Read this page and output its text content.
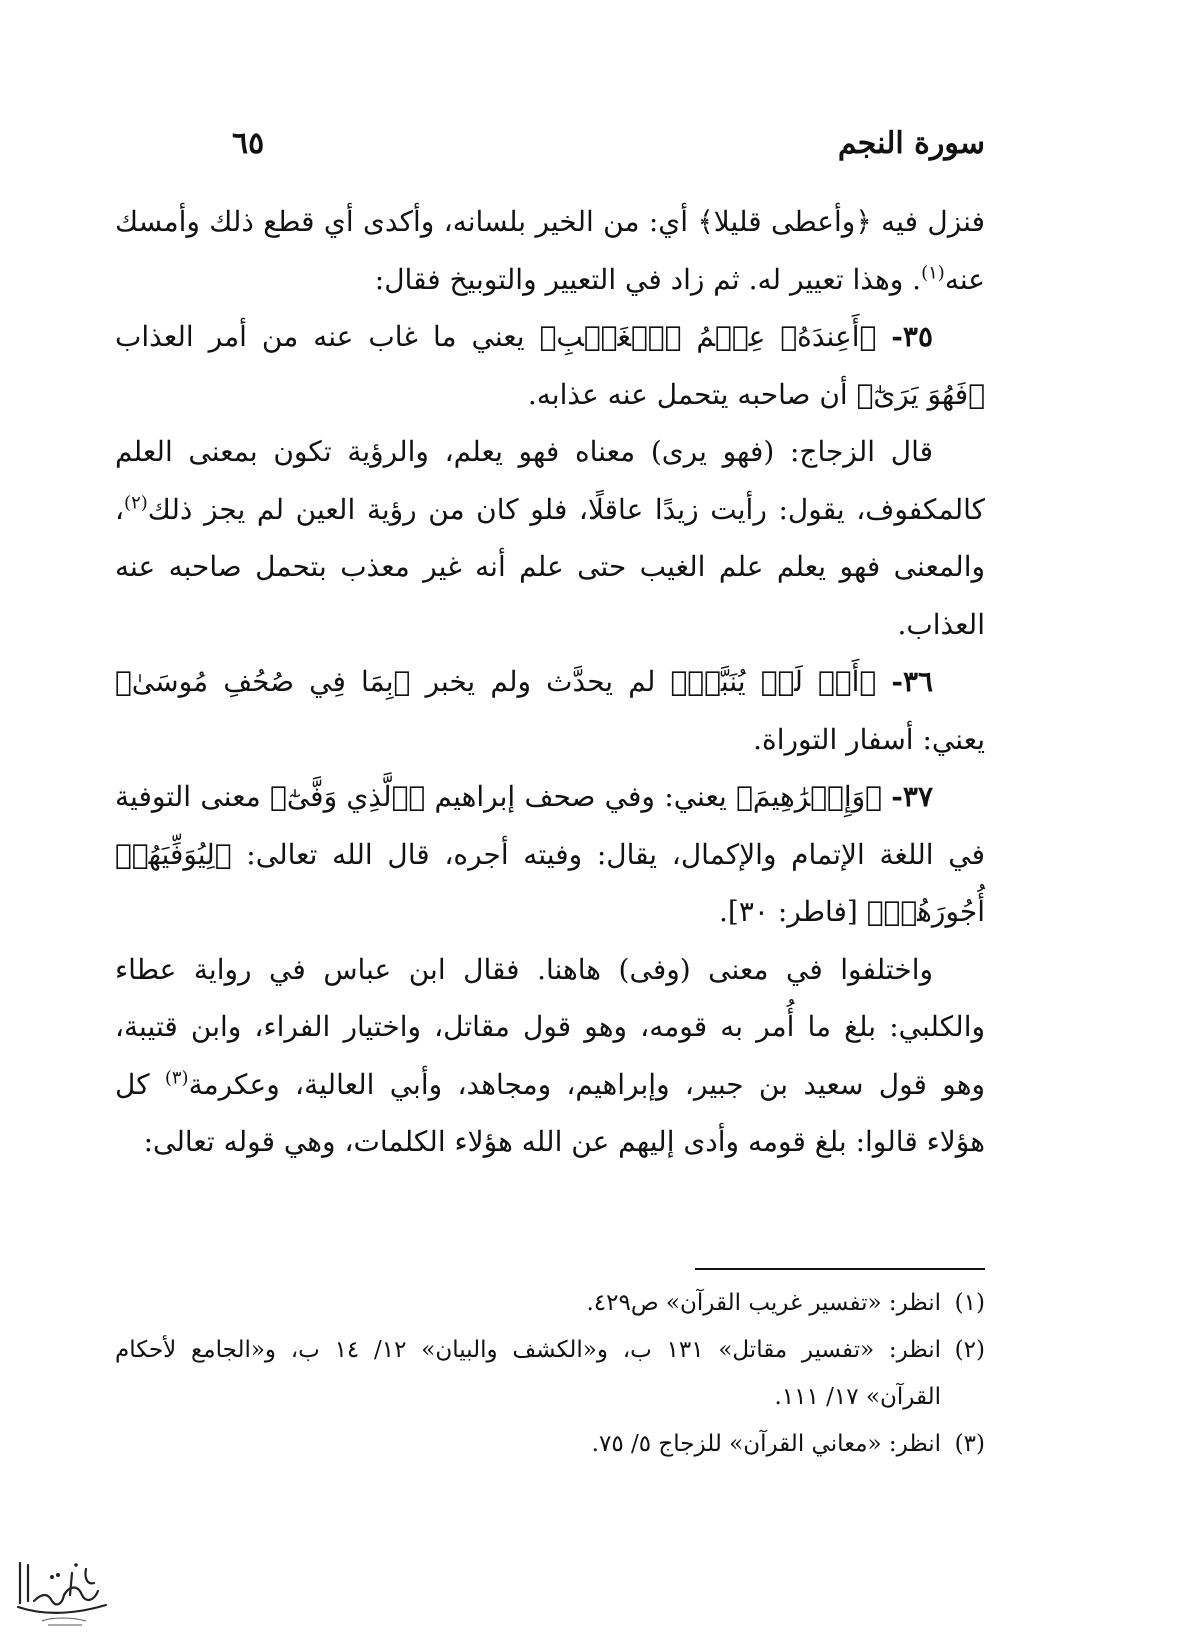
سورة النجم
٦٥

فنزل فيه ﴿وأعطى قليلا﴾ أي: من الخير بلسانه، وأكدى أي قطع ذلك وأمسك عنه$^{(١)}$. وهذا تعيير له. ثم زاد في التعيير والتوبيخ فقال:

٣٥- ﴿أَعِندَهُۥ عِلۡمُ ٱلۡغَيۡبِ﴾ يعني ما غاب عنه من أمر العذاب ﴿فَهُوَ يَرَىٰٓ﴾ أن صاحبه يتحمل عنه عذابه.

قال الزجاج: (فهو يرى) معناه فهو يعلم، والرؤية تكون بمعنى العلم كالمكفوف، يقول: رأيت زيدًا عاقلًا، فلو كان من رؤية العين لم يجز ذلك$^{(٢)}$، والمعنى فهو يعلم علم الغيب حتى علم أنه غير معذب بتحمل صاحبه عنه العذاب.

٣٦- ﴿أَمۡ لَمۡ يُنَبَّأۡ﴾ لم يحدَّث ولم يخبر ﴿بِمَا فِي صُحُفِ مُوسَىٰ﴾ يعني: أسفار التوراة.

٣٧- ﴿وَإِبۡرَٰهِيمَ﴾ يعني: وفي صحف إبراهيم ﴿ٱلَّذِي وَفَّىٰٓ﴾ معنى التوفية في اللغة الإتمام والإكمال، يقال: وفيته أجره، قال الله تعالى: ﴿لِيُوَفِّيَهُمۡ أُجُورَهُمۡ﴾ [فاطر: ٣٠].

واختلفوا في معنى (وفى) هاهنا. فقال ابن عباس في رواية عطاء والكلبي: بلغ ما أُمر به قومه، وهو قول مقاتل، واختيار الفراء، وابن قتيبة، وهو قول سعيد بن جبير، وإبراهيم، ومجاهد، وأبي العالية، وعكرمة$^{(٣)}$ كل هؤلاء قالوا: بلغ قومه وأدى إليهم عن الله هؤلاء الكلمات، وهي قوله تعالى:

(١)
انظر: «تفسير غريب القرآن» ص٤٢٩.
(٢)
انظر: «تفسير مقاتل» ١٣١ ب، و«الكشف والبيان» ١٢/ ١٤ ب، و«الجامع لأحكام القرآن» ١٧/ ١١١.
(٣)
انظر: «معاني القرآن» للزجاج ٥/ ٧٥.
